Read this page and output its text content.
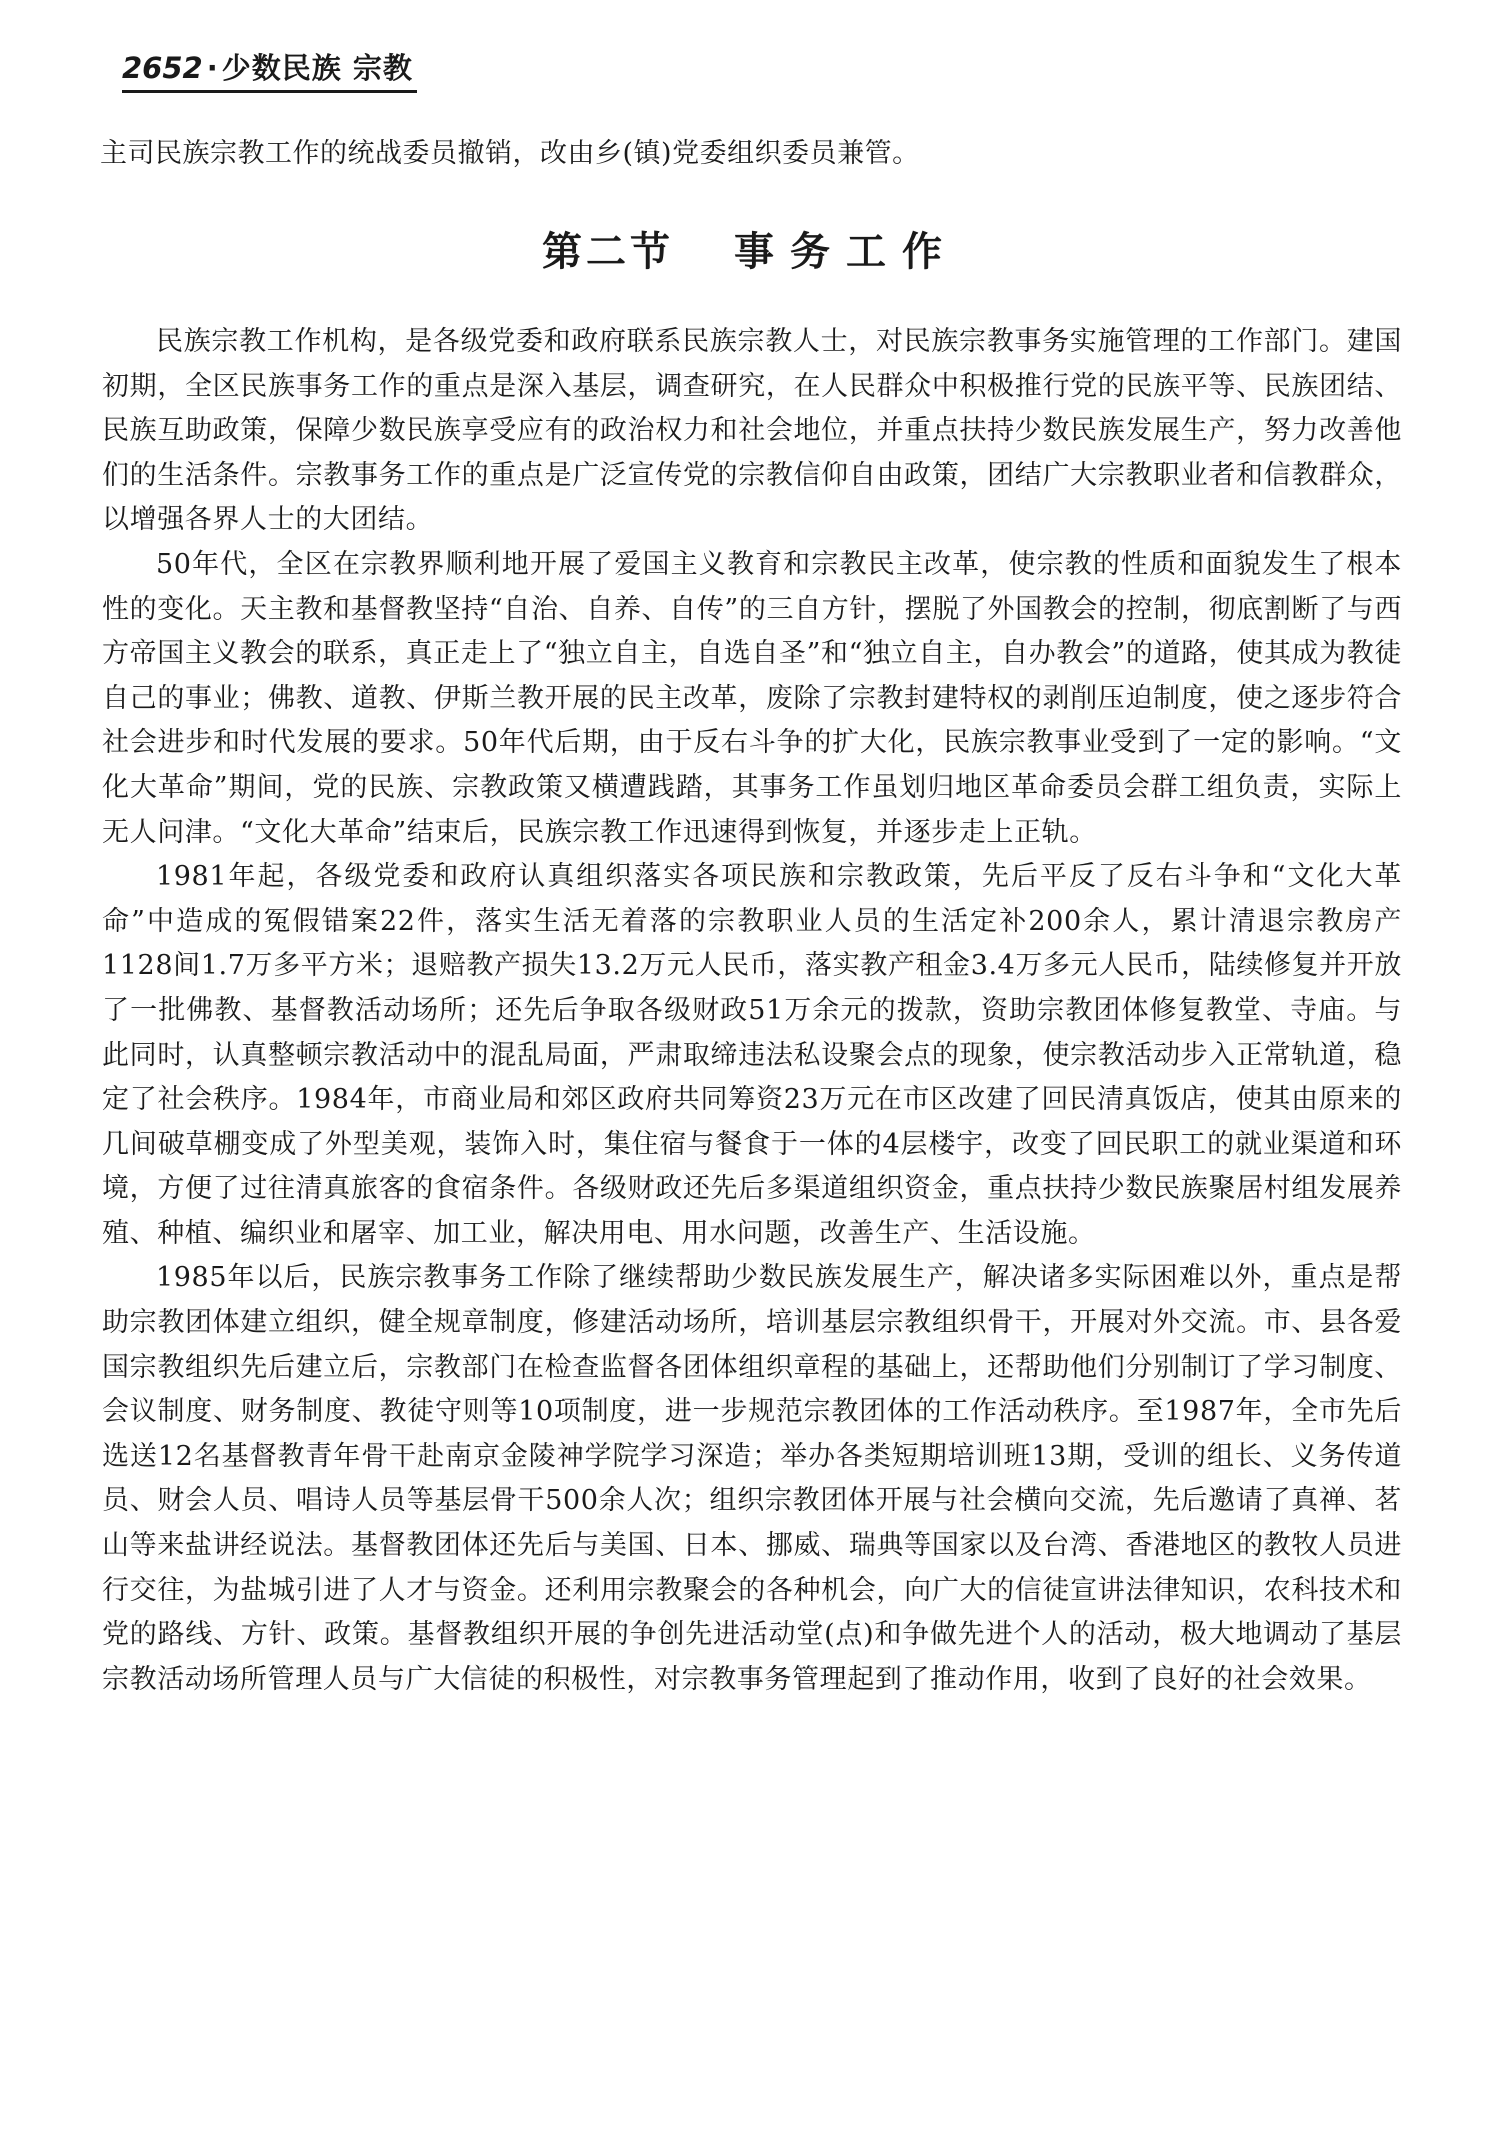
2652 · 少数民族 宗教
主司民族宗教工作的统战委员撤销，改由乡(镇)党委组织委员兼管。
第二节 事务工作

民族宗教工作机构，是各级党委和政府联系民族宗教人士，对民族宗教事务实施管理的工作部门。建国初期，全区民族事务工作的重点是深入基层，调查研究，在人民群众中积极推行党的民族平等、民族团结、民族互助政策，保障少数民族享受应有的政治权力和社会地位，并重点扶持少数民族发展生产，努力改善他们的生活条件。宗教事务工作的重点是广泛宣传党的宗教信仰自由政策，团结广大宗教职业者和信教群众，以增强各界人士的大团结。

50年代，全区在宗教界顺利地开展了爱国主义教育和宗教民主改革，使宗教的性质和面貌发生了根本性的变化。天主教和基督教坚持“自治、自养、自传”的三自方针，摆脱了外国教会的控制，彻底割断了与西方帝国主义教会的联系，真正走上了“独立自主，自选自圣”和“独立自主，自办教会”的道路，使其成为教徒自己的事业；佛教、道教、伊斯兰教开展的民主改革，废除了宗教封建特权的剥削压迫制度，使之逐步符合社会进步和时代发展的要求。50年代后期，由于反右斗争的扩大化，民族宗教事业受到了一定的影响。“文化大革命”期间，党的民族、宗教政策又横遭践踏，其事务工作虽划归地区革命委员会群工组负责，实际上无人问津。“文化大革命”结束后，民族宗教工作迅速得到恢复，并逐步走上正轨。

1981年起，各级党委和政府认真组织落实各项民族和宗教政策，先后平反了反右斗争和“文化大革命”中造成的冤假错案22件，落实生活无着落的宗教职业人员的生活定补200余人，累计清退宗教房产1128间1.7万多平方米；退赔教产损失13.2万元人民币，落实教产租金3.4万多元人民币，陆续修复并开放了一批佛教、基督教活动场所；还先后争取各级财政51万余元的拨款，资助宗教团体修复教堂、寺庙。与此同时，认真整顿宗教活动中的混乱局面，严肃取缔违法私设聚会点的现象，使宗教活动步入正常轨道，稳定了社会秩序。1984年，市商业局和郊区政府共同筹资23万元在市区改建了回民清真饭店，使其由原来的几间破草棚变成了外型美观，装饰入时，集住宿与餐食于一体的4层楼宇，改变了回民职工的就业渠道和环境，方便了过往清真旅客的食宿条件。各级财政还先后多渠道组织资金，重点扶持少数民族聚居村组发展养殖、种植、编织业和屠宰、加工业，解决用电、用水问题，改善生产、生活设施。

1985年以后，民族宗教事务工作除了继续帮助少数民族发展生产，解决诸多实际困难以外，重点是帮助宗教团体建立组织，健全规章制度，修建活动场所，培训基层宗教组织骨干，开展对外交流。市、县各爱国宗教组织先后建立后，宗教部门在检查监督各团体组织章程的基础上，还帮助他们分别制订了学习制度、会议制度、财务制度、教徒守则等10项制度，进一步规范宗教团体的工作活动秩序。至1987年，全市先后选送12名基督教青年骨干赴南京金陵神学院学习深造；举办各类短期培训班13期，受训的组长、义务传道员、财会人员、唱诗人员等基层骨干500余人次；组织宗教团体开展与社会横向交流，先后邀请了真禅、茗山等来盐讲经说法。基督教团体还先后与美国、日本、挪威、瑞典等国家以及台湾、香港地区的教牧人员进行交往，为盐城引进了人才与资金。还利用宗教聚会的各种机会，向广大的信徒宣讲法律知识，农科技术和党的路线、方针、政策。基督教组织开展的争创先进活动堂(点)和争做先进个人的活动，极大地调动了基层宗教活动场所管理人员与广大信徒的积极性，对宗教事务管理起到了推动作用，收到了良好的社会效果。
